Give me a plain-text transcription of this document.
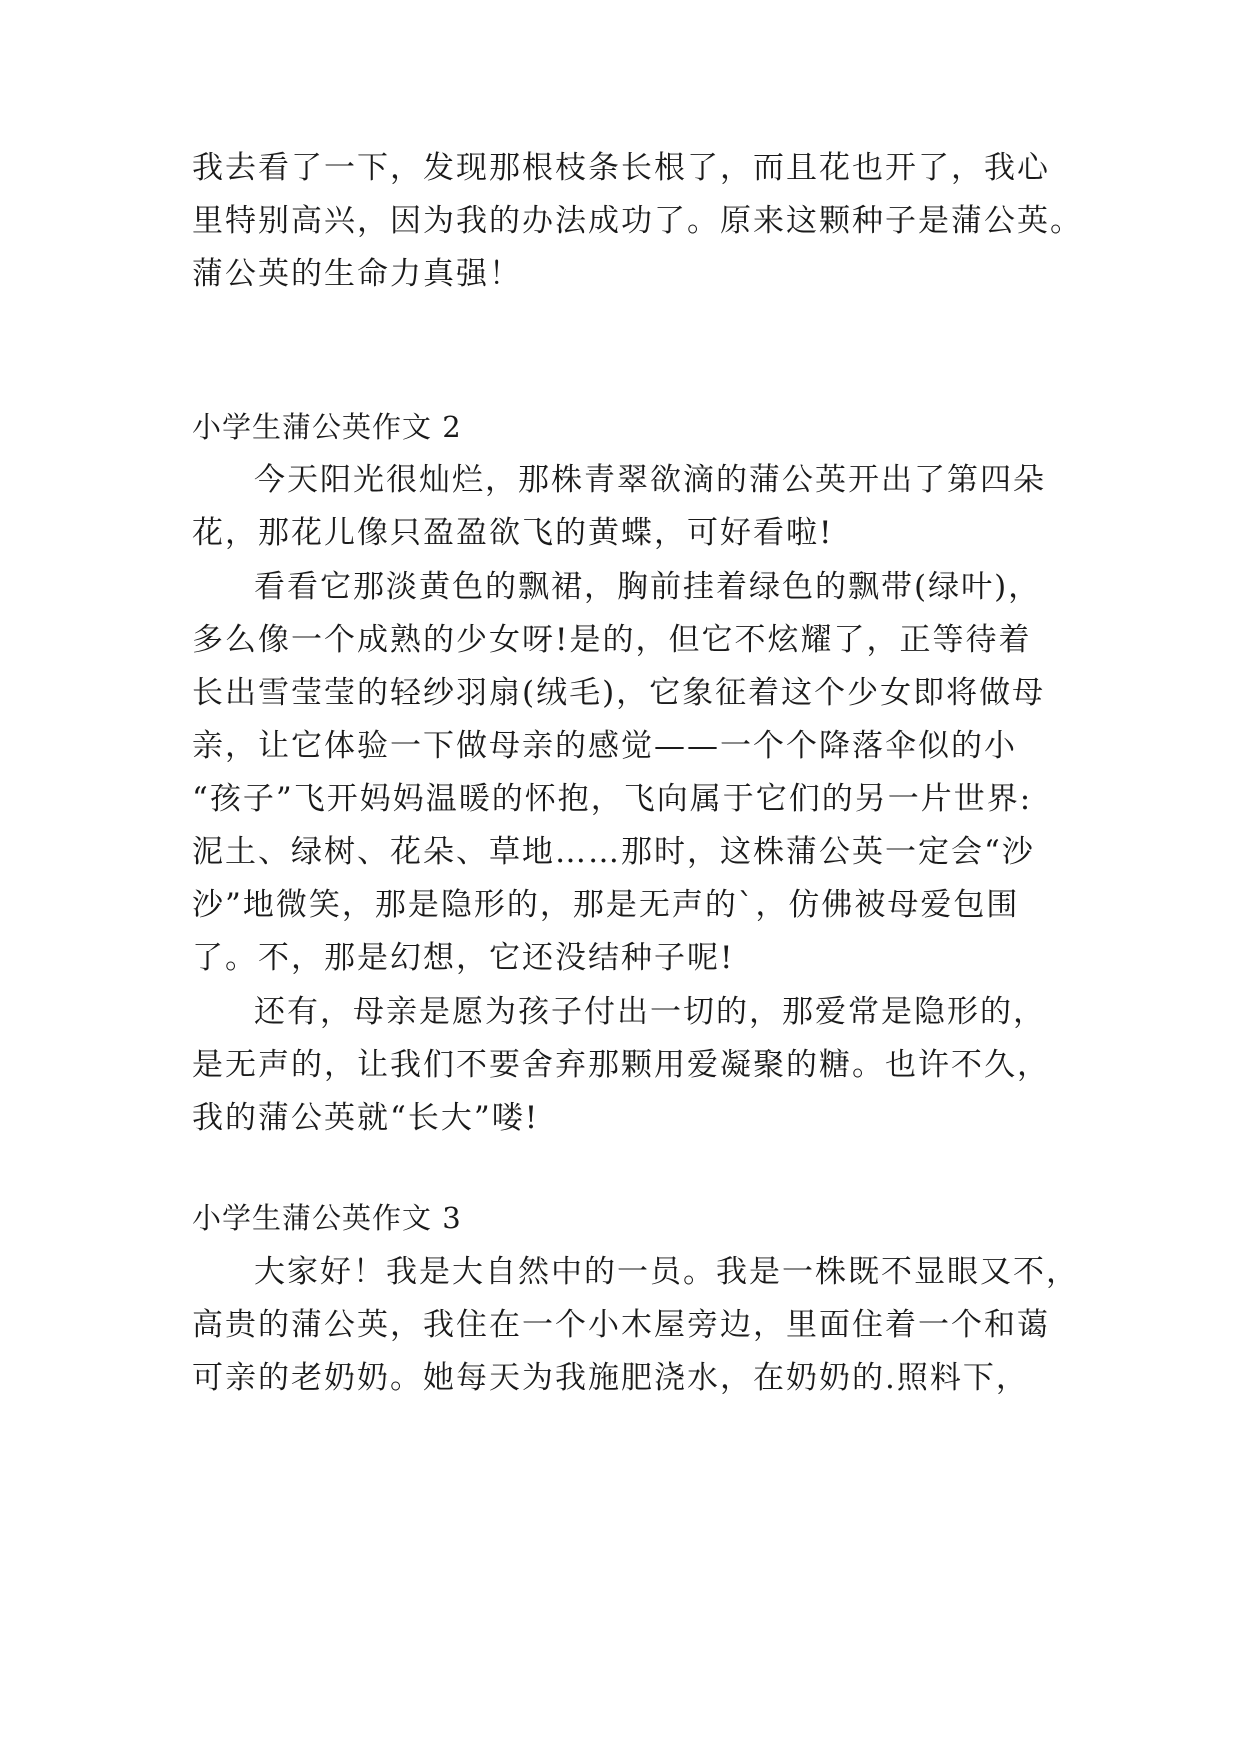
我去看了一下，发现那根枝条长根了，而且花也开了，我心
里特别高兴，因为我的办法成功了。原来这颗种子是蒲公英。
蒲公英的生命力真强！
小学生蒲公英作文 2
今天阳光很灿烂，那株青翠欲滴的蒲公英开出了第四朵
花，那花儿像只盈盈欲飞的黄蝶，可好看啦!
看看它那淡黄色的飘裙，胸前挂着绿色的飘带(绿叶)，
多么像一个成熟的少女呀!是的，但它不炫耀了，正等待着
长出雪莹莹的轻纱羽扇(绒毛)，它象征着这个少女即将做母
亲，让它体验一下做母亲的感觉——一个个降落伞似的小
“孩子”飞开妈妈温暖的怀抱，飞向属于它们的另一片世界:
泥土、绿树、花朵、草地……那时，这株蒲公英一定会“沙
沙”地微笑，那是隐形的，那是无声的`，仿佛被母爱包围
了。不，那是幻想，它还没结种子呢!
还有，母亲是愿为孩子付出一切的，那爱常是隐形的，
是无声的，让我们不要舍弃那颗用爱凝聚的糖。也许不久，
我的蒲公英就“长大”喽!
小学生蒲公英作文 3
大家好！我是大自然中的一员。我是一株既不显眼又不，
高贵的蒲公英，我住在一个小木屋旁边，里面住着一个和蔼
可亲的老奶奶。她每天为我施肥浇水，在奶奶的.照料下，
